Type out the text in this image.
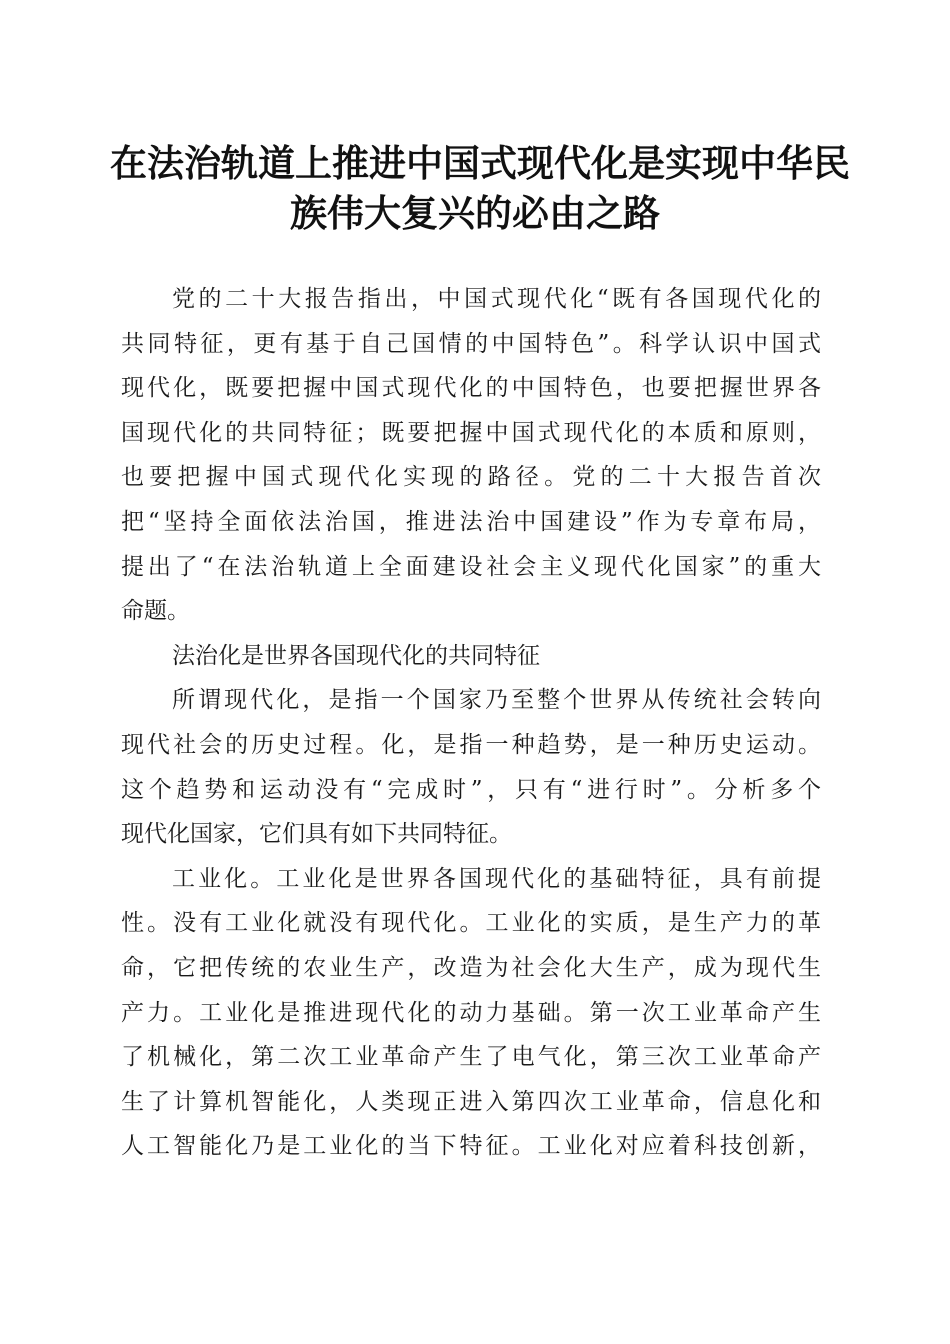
在法治轨道上推进中国式现代化是实现中华民
族伟大复兴的必由之路
党的二十大报告指出，中国式现代化“既有各国现代化的
共同特征，更有基于自己国情的中国特色”。科学认识中国式
现代化，既要把握中国式现代化的中国特色，也要把握世界各
国现代化的共同特征；既要把握中国式现代化的本质和原则，
也要把握中国式现代化实现的路径。党的二十大报告首次
把“坚持全面依法治国，推进法治中国建设”作为专章布局，
提出了“在法治轨道上全面建设社会主义现代化国家”的重大
命题。
法治化是世界各国现代化的共同特征
所谓现代化，是指一个国家乃至整个世界从传统社会转向
现代社会的历史过程。化，是指一种趋势，是一种历史运动。
这个趋势和运动没有“完成时”，只有“进行时”。分析多个
现代化国家，它们具有如下共同特征。
工业化。工业化是世界各国现代化的基础特征，具有前提
性。没有工业化就没有现代化。工业化的实质，是生产力的革
命，它把传统的农业生产，改造为社会化大生产，成为现代生
产力。工业化是推进现代化的动力基础。第一次工业革命产生
了机械化，第二次工业革命产生了电气化，第三次工业革命产
生了计算机智能化，人类现正进入第四次工业革命，信息化和
人工智能化乃是工业化的当下特征。工业化对应着科技创新，
